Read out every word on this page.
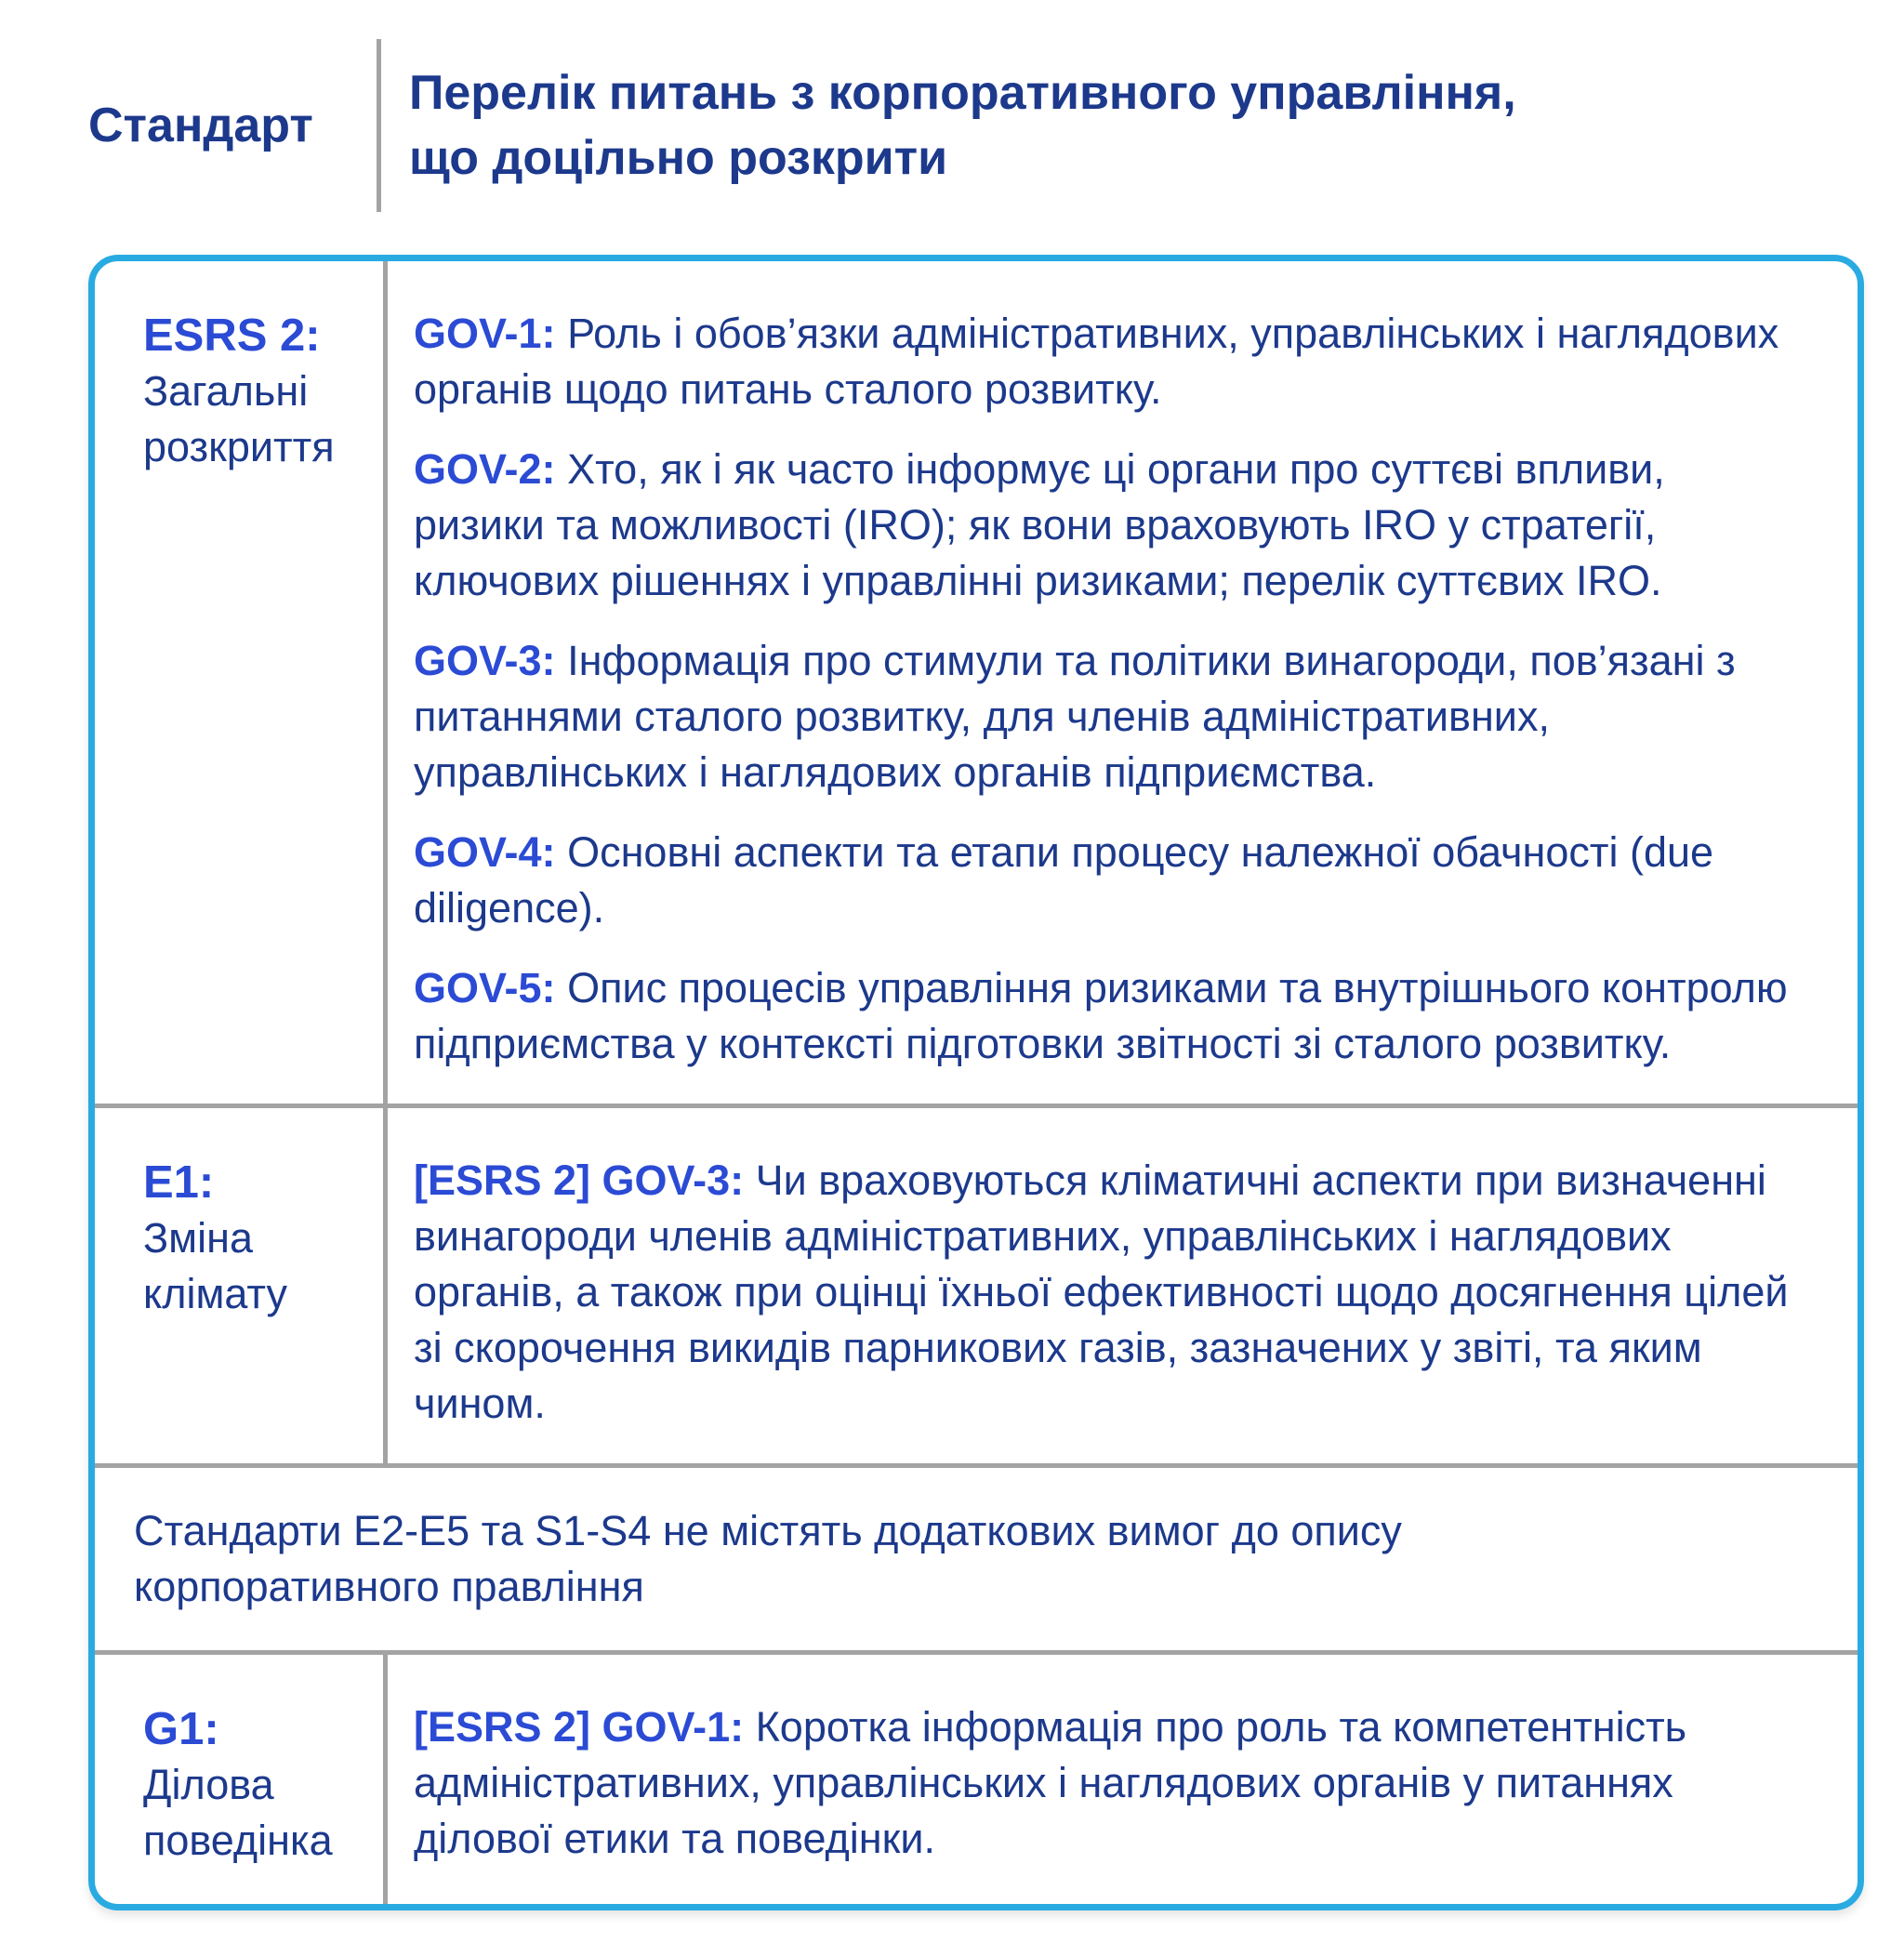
Стандарт
Перелік питань з корпоративного управління,
що доцільно розкрити
ESRS 2:
Загальні розкриття

GOV-1: Роль і обов’язки адміністративних, управлінських і наглядових органів щодо питань сталого розвитку.

GOV-2: Хто, як і як часто інформує ці органи про суттєві впливи, ризики та можливості (IRO); як вони враховують IRO у стратегії, ключових рішеннях і управлінні ризиками; перелік суттєвих IRO.

GOV-3: Інформація про стимули та політики винагороди, пов’язані з питаннями сталого розвитку, для членів адміністративних, управлінських і наглядових органів підприємства.

GOV-4: Основні аспекти та етапи процесу належної обачності (due diligence).

GOV-5: Опис процесів управління ризиками та внутрішнього контролю підприємства у контексті підготовки звітності зі сталого розвитку.

E1:
Зміна клімату

[ESRS 2] GOV-3: Чи враховуються кліматичні аспекти при визначенні винагороди членів адміністративних, управлінських і наглядових органів, а також при оцінці їхньої ефективності щодо досягнення цілей зі скорочення викидів парникових газів, зазначених у звіті, та яким чином.

Стандарти E2-E5 та S1-S4 не містять додаткових вимог до опису корпоративного правління

G1:
Ділова поведінка

[ESRS 2] GOV-1: Коротка інформація про роль та компетентність адміністративних, управлінських і наглядових органів у питаннях ділової етики та поведінки.
